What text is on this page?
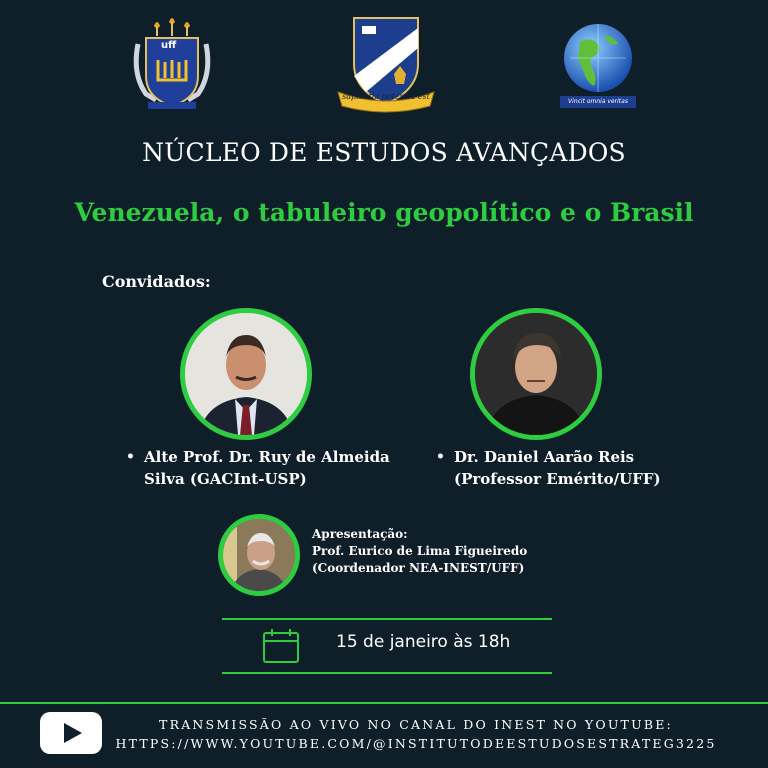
uff
sapientia potentia est
Vincit omnia veritas
NÚCLEO DE ESTUDOS AVANÇADOS
Venezuela, o tabuleiro geopolítico e o Brasil
Convidados:
• Alte Prof. Dr. Ruy de Almeida
Silva (GACInt-USP)
• Dr. Daniel Aarão Reis
(Professor Emérito/UFF)
Apresentação:
Prof. Eurico de Lima Figueiredo
(Coordenador NEA-INEST/UFF)
15 de janeiro às 18h
TRANSMISSÃO AO VIVO NO CANAL DO INEST NO YOUTUBE:
HTTPS://WWW.YOUTUBE.COM/@INSTITUTODEESTUDOSESTRATEG3225
